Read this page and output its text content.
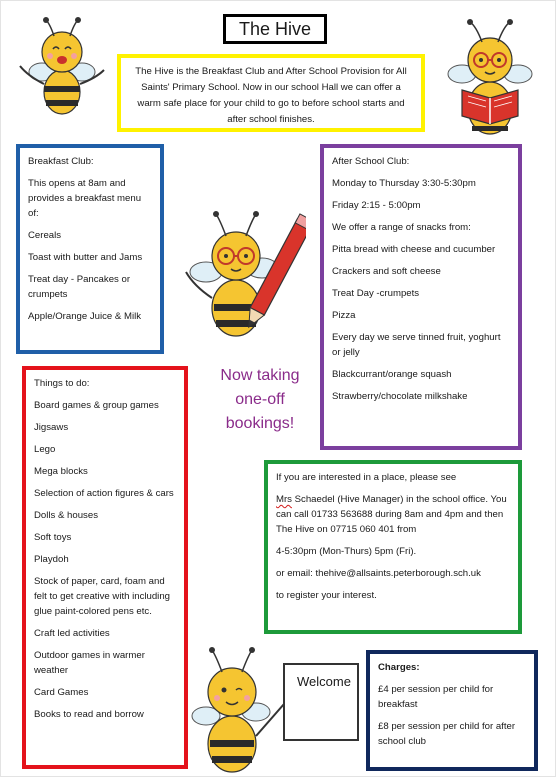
The Hive
The Hive is the Breakfast Club and After School Provision for All Saints' Primary School. Now in our school Hall we can offer a warm safe place for your child to go to before school starts and after school finishes.
Welcome

Breakfast Club:

This opens at 8am and provides a breakfast menu of:

Cereals

Toast with butter and Jams

Treat day - Pancakes or crumpets

Apple/Orange Juice & Milk

After School Club:

Monday to Thursday 3:30-5:30pm

Friday 2:15 - 5:00pm

We offer a range of snacks from:

Pitta bread with cheese and cucumber

Crackers and soft cheese

Treat Day -crumpets

Pizza

Every day we serve tinned fruit, yoghurt or jelly

Blackcurrant/orange squash

Strawberry/chocolate milkshake

Now taking
one-off
bookings!

Things to do:

Board games & group games

Jigsaws

Lego

Mega blocks

Selection of action figures & cars

Dolls & houses

Soft toys

Playdoh

Stock of paper, card, foam and felt to get creative with including glue paint-colored pens etc.

Craft led activities

Outdoor games in warmer weather

Card Games

Books to read and borrow

If you are interested in a place, please see

Mrs Schaedel (Hive Manager) in the school office. You can call 01733 563688 during 8am and 4pm and then The Hive on 07715 060 401 from

4-5:30pm (Mon-Thurs) 5pm (Fri).

or email: thehive@allsaints.peterborough.sch.uk

to register your interest.

Charges:

£4 per session per child for breakfast

£8 per session per child for after school club
